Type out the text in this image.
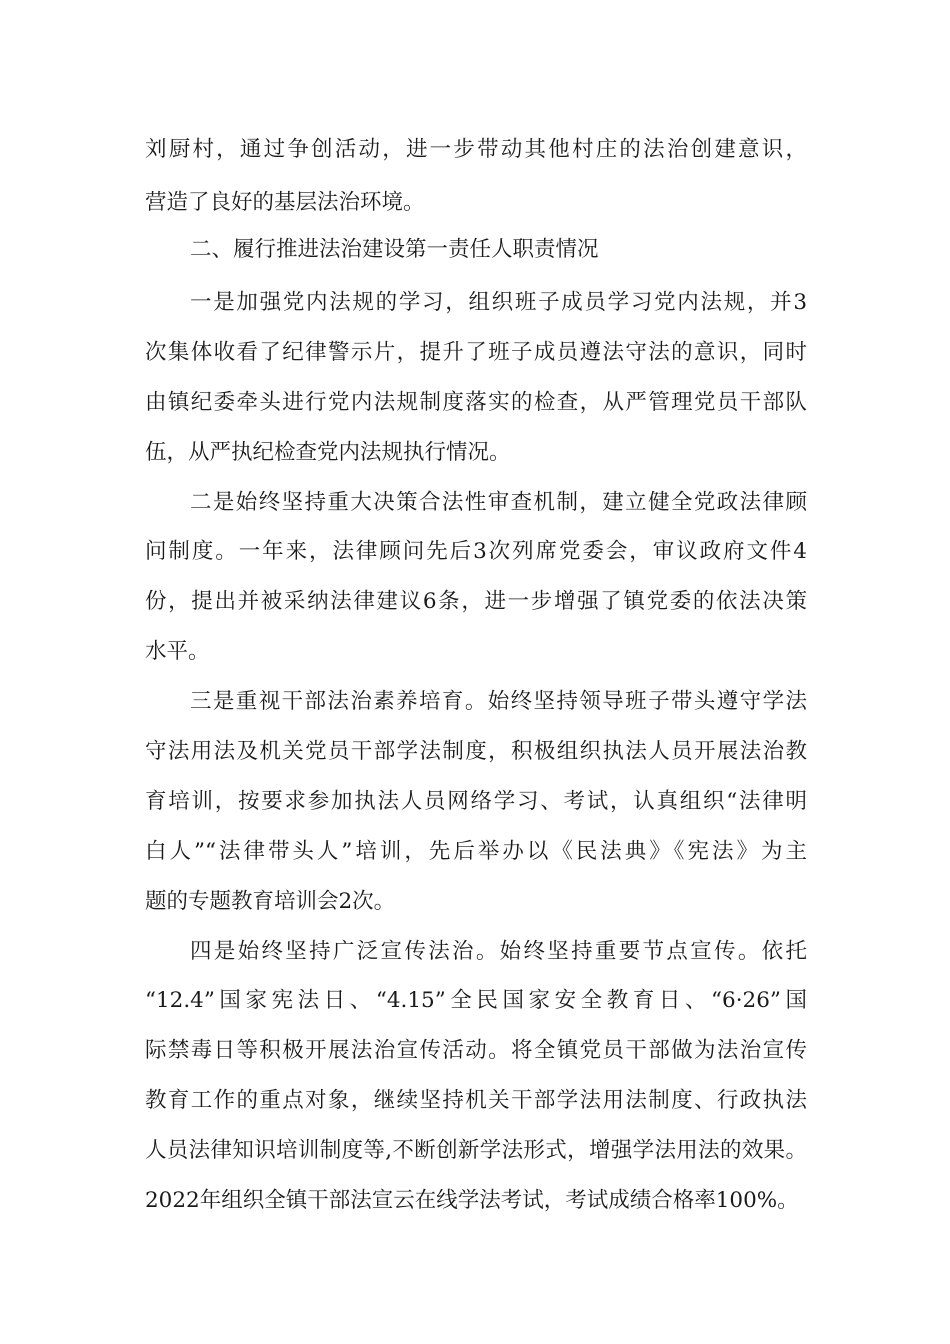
刘厨村，通过争创活动，进一步带动其他村庄的法治创建意识，
营造了良好的基层法治环境。
二、履行推进法治建设第一责任人职责情况
一是加强党内法规的学习，组织班子成员学习党内法规，并3
次集体收看了纪律警示片，提升了班子成员遵法守法的意识，同时
由镇纪委牵头进行党内法规制度落实的检查，从严管理党员干部队
伍，从严执纪检查党内法规执行情况。
二是始终坚持重大决策合法性审查机制，建立健全党政法律顾
问制度。一年来，法律顾问先后3次列席党委会，审议政府文件4
份，提出并被采纳法律建议6条，进一步增强了镇党委的依法决策
水平。
三是重视干部法治素养培育。始终坚持领导班子带头遵守学法
守法用法及机关党员干部学法制度，积极组织执法人员开展法治教
育培训，按要求参加执法人员网络学习、考试，认真组织“法律明
白人”“法律带头人”培训，先后举办以《民法典》《宪法》为主
题的专题教育培训会2次。
四是始终坚持广泛宣传法治。始终坚持重要节点宣传。依托
“12.4”国家宪法日、“4.15”全民国家安全教育日、“6·26”国
际禁毒日等积极开展法治宣传活动。将全镇党员干部做为法治宣传
教育工作的重点对象，继续坚持机关干部学法用法制度、行政执法
人员法律知识培训制度等,不断创新学法形式，增强学法用法的效果。
2022年组织全镇干部法宣云在线学法考试，考试成绩合格率100%。
